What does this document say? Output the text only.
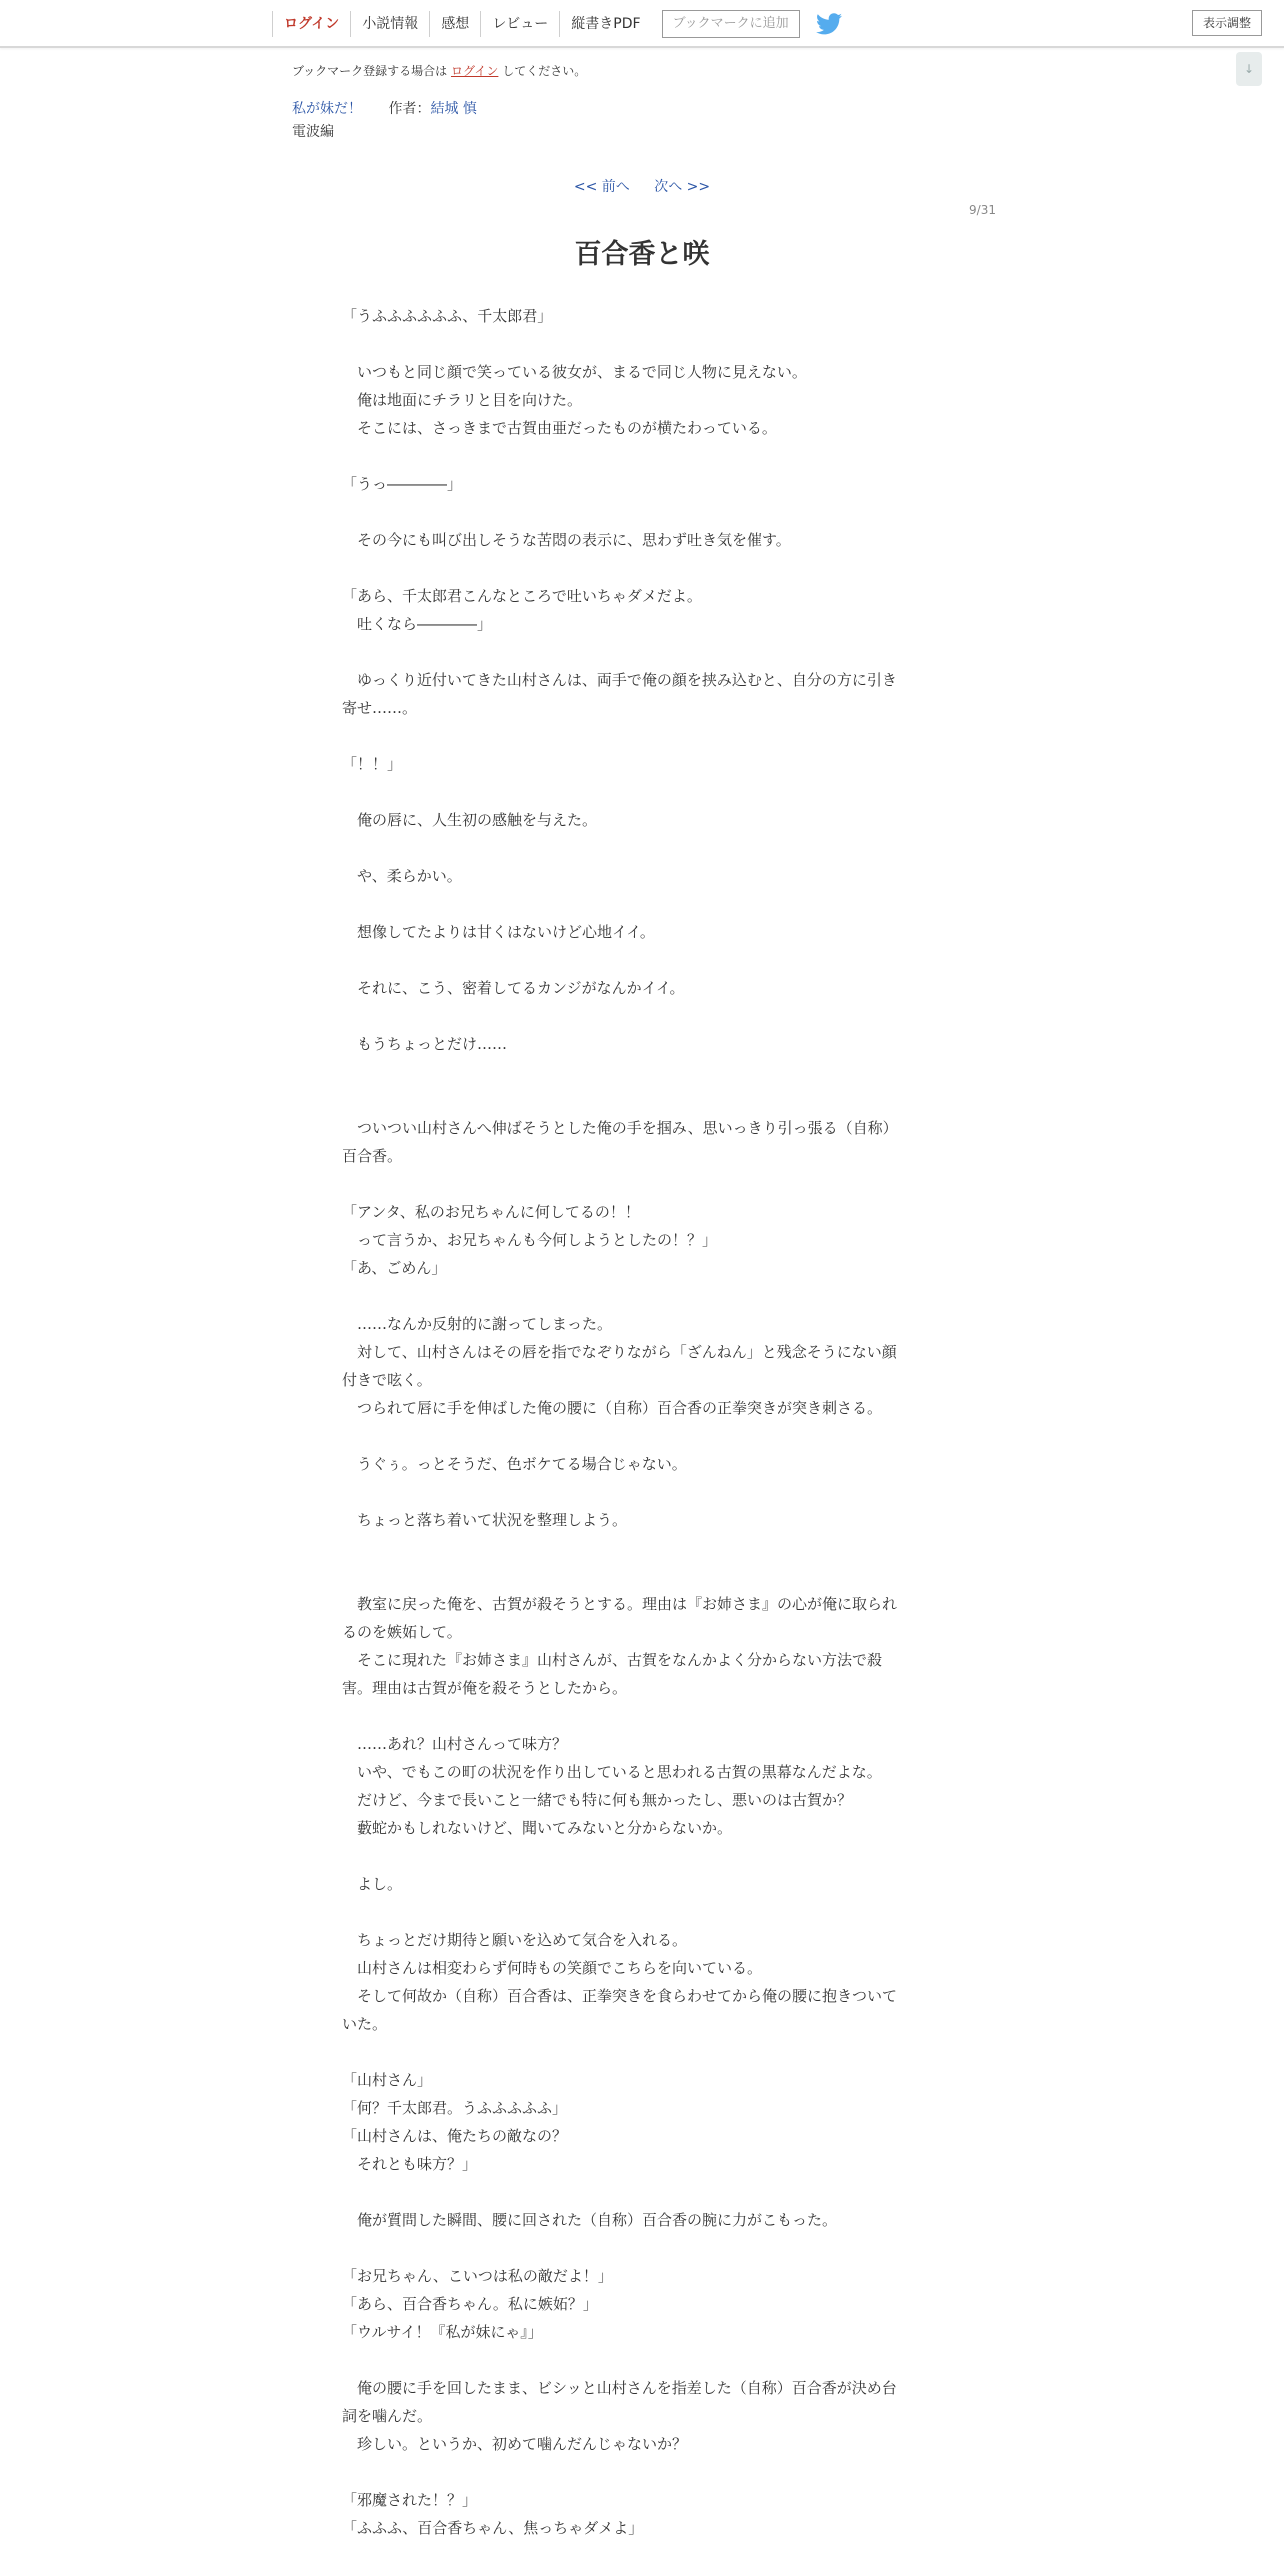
ログイン	小説情報	感想	レビュー	縦書きPDF	ブックマークに追加	表示調整
↓
ブックマーク登録する場合は ログイン してください。
私が妹だ！ 作者：結城 慎
電波編
<< 前へ 次へ >>
9/31
百合香と咲

「うふふふふふふ、千太郎君」

　いつもと同じ顔で笑っている彼女が、まるで同じ人物に見えない。

　俺は地面にチラリと目を向けた。

　そこには、さっきまで古賀由亜だったものが横たわっている。

「うっ――――」

　その今にも叫び出しそうな苦悶の表示に、思わず吐き気を催す。

「あら、千太郎君こんなところで吐いちゃダメだよ。

　吐くなら――――」

　ゆっくり近付いてきた山村さんは、両手で俺の顔を挟み込むと、自分の方に引き

寄せ……。

「！！」

　俺の唇に、人生初の感触を与えた。

　や、柔らかい。

　想像してたよりは甘くはないけど心地イイ。

　それに、こう、密着してるカンジがなんかイイ。

　もうちょっとだけ……

　ついつい山村さんへ伸ばそうとした俺の手を掴み、思いっきり引っ張る（自称）

百合香。

「アンタ、私のお兄ちゃんに何してるの！！

　って言うか、お兄ちゃんも今何しようとしたの！？」

「あ、ごめん」

　……なんか反射的に謝ってしまった。

　対して、山村さんはその唇を指でなぞりながら「ざんねん」と残念そうにない顔

付きで呟く。

　つられて唇に手を伸ばした俺の腰に（自称）百合香の正拳突きが突き刺さる。

　うぐぅ。っとそうだ、色ボケてる場合じゃない。

　ちょっと落ち着いて状況を整理しよう。

　教室に戻った俺を、古賀が殺そうとする。理由は『お姉さま』の心が俺に取られ

るのを嫉妬して。

　そこに現れた『お姉さま』山村さんが、古賀をなんかよく分からない方法で殺

害。理由は古賀が俺を殺そうとしたから。

　……あれ？山村さんって味方？

　いや、でもこの町の状況を作り出していると思われる古賀の黒幕なんだよな。

　だけど、今まで長いこと一緒でも特に何も無かったし、悪いのは古賀か？

　藪蛇かもしれないけど、聞いてみないと分からないか。

　よし。

　ちょっとだけ期待と願いを込めて気合を入れる。

　山村さんは相変わらず何時もの笑顔でこちらを向いている。

　そして何故か（自称）百合香は、正拳突きを食らわせてから俺の腰に抱きついて

いた。

「山村さん」

「何？千太郎君。うふふふふふ」

「山村さんは、俺たちの敵なの？

　それとも味方？」

　俺が質問した瞬間、腰に回された（自称）百合香の腕に力がこもった。

「お兄ちゃん、こいつは私の敵だよ！」

「あら、百合香ちゃん。私に嫉妬？」

「ウルサイ！『私が妹にゃ』」

　俺の腰に手を回したまま、ビシッと山村さんを指差した（自称）百合香が決め台

詞を噛んだ。

　珍しい。というか、初めて噛んだんじゃないか？

「邪魔された！？」

「ふふふ、百合香ちゃん、焦っちゃダメよ」
